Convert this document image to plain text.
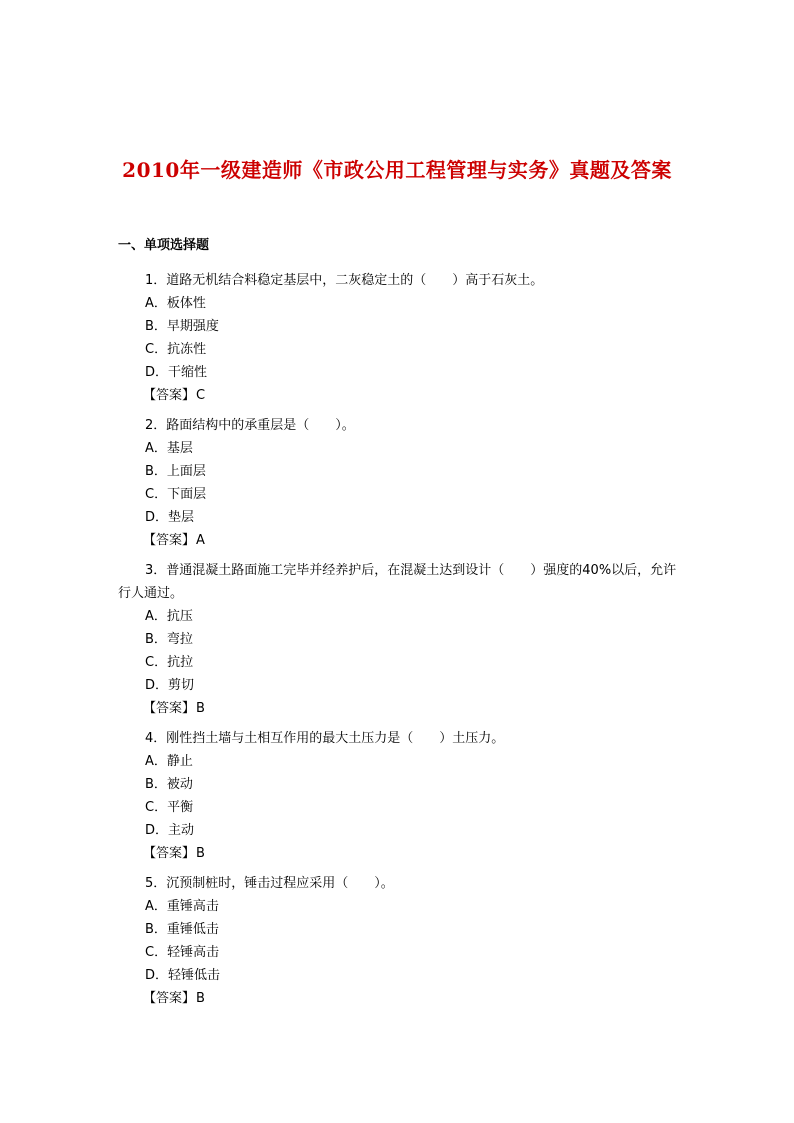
2010年一级建造师《市政公用工程管理与实务》真题及答案
一、单项选择题
1．道路无机结合料稳定基层中，二灰稳定土的（　　）高于石灰土。
A．板体性
B．早期强度
C．抗冻性
D．干缩性
【答案】C
2．路面结构中的承重层是（　　）。
A．基层
B．上面层
C．下面层
D．垫层
【答案】A
3．普通混凝土路面施工完毕并经养护后，在混凝土达到设计（　　）强度的40%以后，允许行人通过。
A．抗压
B．弯拉
C．抗拉
D．剪切
【答案】B
4．刚性挡土墙与土相互作用的最大土压力是（　　）土压力。
A．静止
B．被动
C．平衡
D．主动
【答案】B
5．沉预制桩时，锤击过程应采用（　　）。
A．重锤高击
B．重锤低击
C．轻锤高击
D．轻锤低击
【答案】B
